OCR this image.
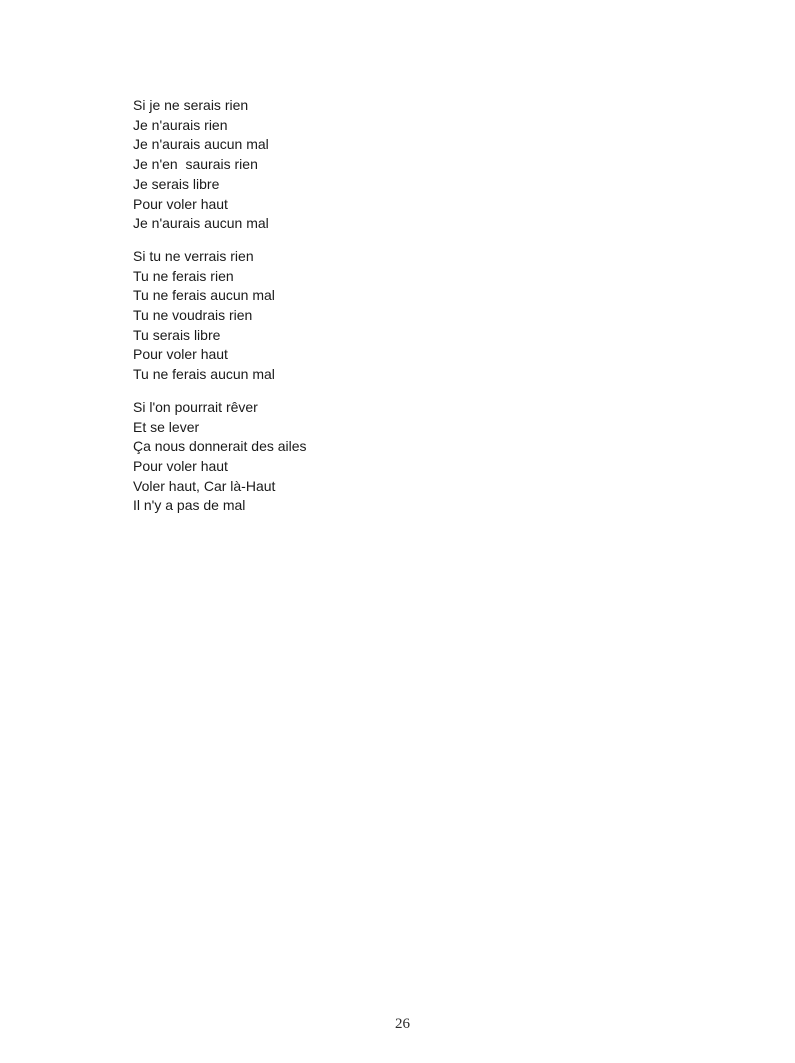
Si je ne serais rien
Je n'aurais rien
Je n'aurais aucun mal
Je n'en  saurais rien
Je serais libre
Pour voler haut
Je n'aurais aucun mal
Si tu ne verrais rien
Tu ne ferais rien
Tu ne ferais aucun mal
Tu ne voudrais rien
Tu serais libre
Pour voler haut
Tu ne ferais aucun mal
Si l'on pourrait rêver
Et se lever
Ça nous donnerait des ailes
Pour voler haut
Voler haut, Car là-Haut
Il n'y a pas de mal
26
